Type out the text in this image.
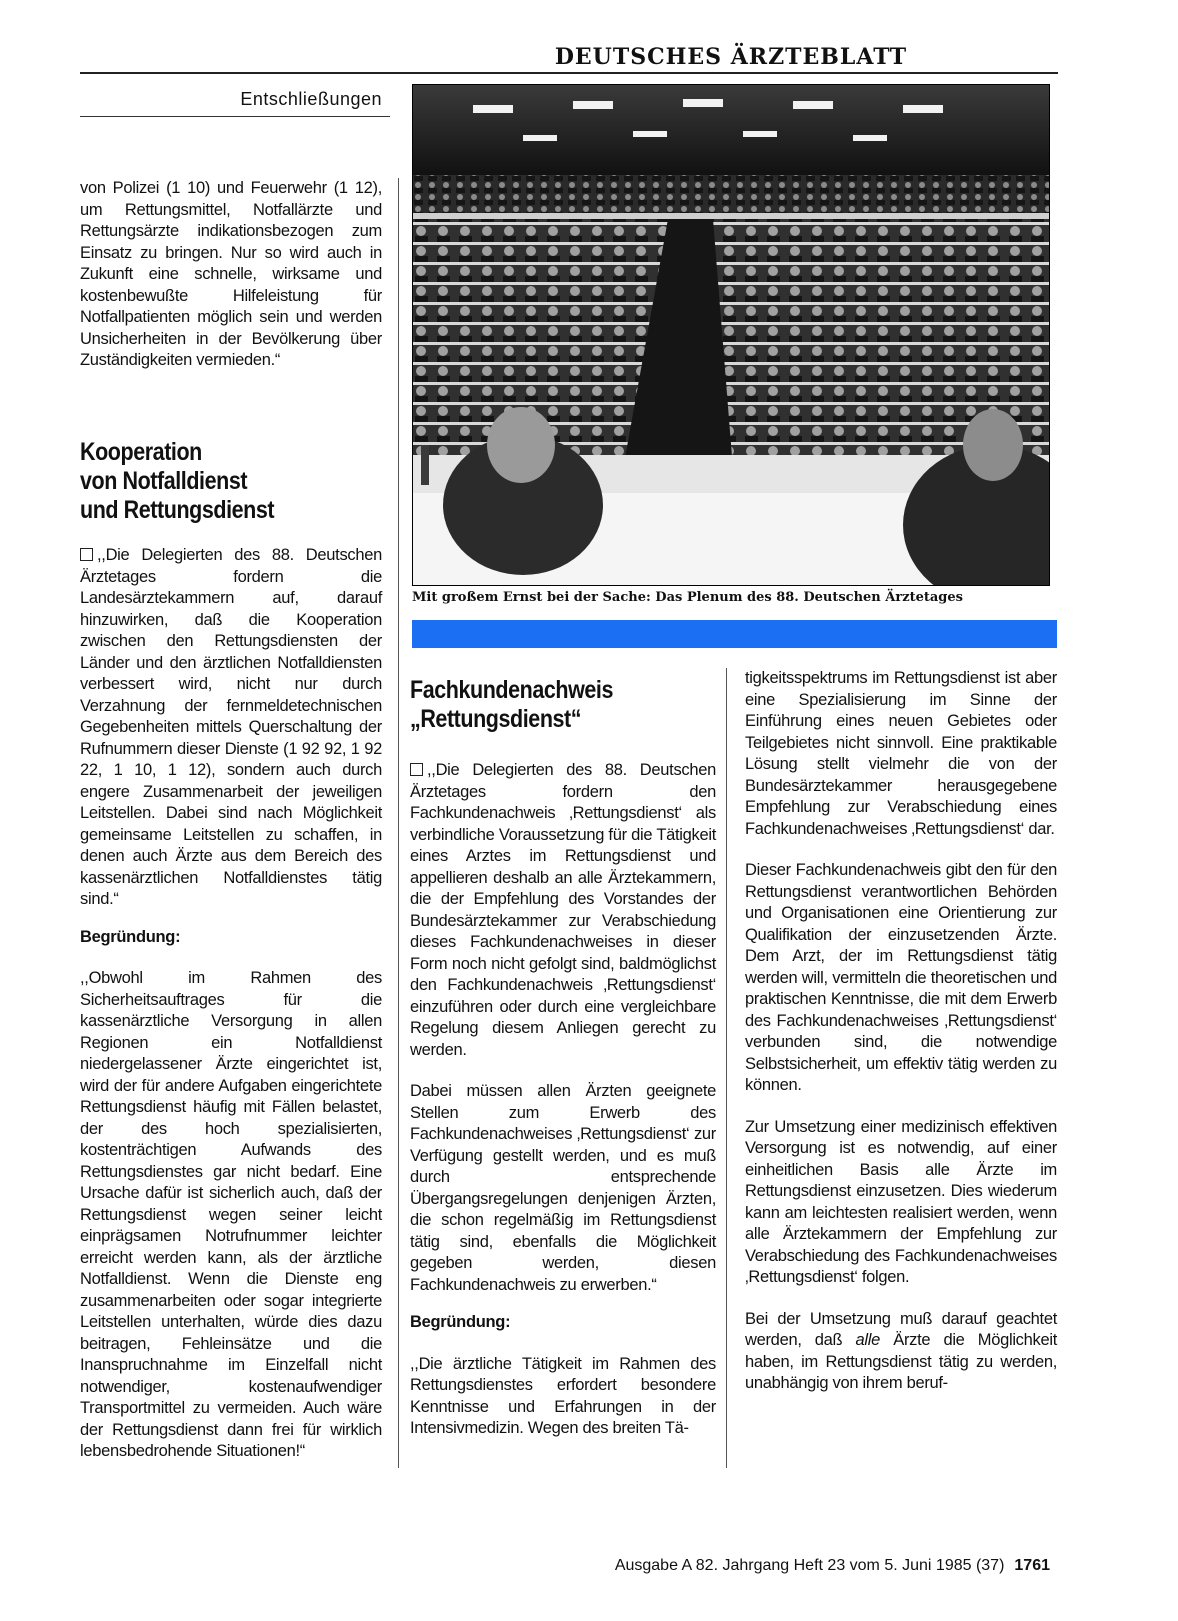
DEUTSCHES ÄRZTEBLATT
Entschließungen
Mit großem Ernst bei der Sache: Das Plenum des 88. Deutschen Ärztetages

von Polizei (1 10) und Feuerwehr (1 12), um Rettungsmittel, Notfallärzte und Rettungsärzte indikationsbezogen zum Einsatz zu bringen. Nur so wird auch in Zukunft eine schnelle, wirksame und kostenbewußte Hilfeleistung für Notfallpatienten möglich sein und werden Unsicherheiten in der Bevölkerung über Zuständigkeiten vermieden.“

Kooperation
von Notfalldienst
und Rettungsdienst

,,Die Delegierten des 88. Deutschen Ärztetages fordern die Landesärztekammern auf, darauf hinzuwirken, daß die Kooperation zwischen den Rettungsdiensten der Länder und den ärztlichen Notfalldiensten verbessert wird, nicht nur durch Verzahnung der fernmeldetechnischen Gegebenheiten mittels Querschaltung der Rufnummern dieser Dienste (1 92 92, 1 92 22, 1 10, 1 12), sondern auch durch engere Zusammenarbeit der jeweiligen Leitstellen. Dabei sind nach Möglichkeit gemeinsame Leitstellen zu schaffen, in denen auch Ärzte aus dem Bereich des kassenärztlichen Notfalldienstes tätig sind.“

Begründung:

,,Obwohl im Rahmen des Sicherheitsauftrages für die kassenärztliche Versorgung in allen Regionen ein Notfalldienst niedergelassener Ärzte eingerichtet ist, wird der für andere Aufgaben eingerichtete Rettungsdienst häufig mit Fällen belastet, der des hoch spezialisierten, kostenträchtigen Aufwands des Rettungsdienstes gar nicht bedarf. Eine Ursache dafür ist sicherlich auch, daß der Rettungsdienst wegen seiner leicht einprägsamen Notrufnummer leichter erreicht werden kann, als der ärztliche Notfalldienst. Wenn die Dienste eng zusammenarbeiten oder sogar integrierte Leitstellen unterhalten, würde dies dazu beitragen, Fehleinsätze und die Inanspruchnahme im Einzelfall nicht notwendiger, kostenaufwendiger Transportmittel zu vermeiden. Auch wäre der Rettungsdienst dann frei für wirklich lebensbedrohende Situationen!“

Fachkundenachweis
„Rettungsdienst“

,,Die Delegierten des 88. Deutschen Ärztetages fordern den Fachkundenachweis ‚Rettungsdienst‘ als verbindliche Voraussetzung für die Tätigkeit eines Arztes im Rettungsdienst und appellieren deshalb an alle Ärztekammern, die der Empfehlung des Vorstandes der Bundesärztekammer zur Verabschiedung dieses Fachkundenachweises in dieser Form noch nicht gefolgt sind, baldmöglichst den Fachkundenachweis ‚Rettungsdienst‘ einzuführen oder durch eine vergleichbare Regelung diesem Anliegen gerecht zu werden.

Dabei müssen allen Ärzten geeignete Stellen zum Erwerb des Fachkundenachweises ‚Rettungsdienst‘ zur Verfügung gestellt werden, und es muß durch entsprechende Übergangsregelungen denjenigen Ärzten, die schon regelmäßig im Rettungsdienst tätig sind, ebenfalls die Möglichkeit gegeben werden, diesen Fachkundenachweis zu erwerben.“

Begründung:

,,Die ärztliche Tätigkeit im Rahmen des Rettungsdienstes erfordert besondere Kenntnisse und Erfahrungen in der Intensivmedizin. Wegen des breiten Tä-

tigkeitsspektrums im Rettungsdienst ist aber eine Spezialisierung im Sinne der Einführung eines neuen Gebietes oder Teilgebietes nicht sinnvoll. Eine praktikable Lösung stellt vielmehr die von der Bundesärztekammer herausgegebene Empfehlung zur Verabschiedung eines Fachkundenachweises ‚Rettungsdienst‘ dar.

Dieser Fachkundenachweis gibt den für den Rettungsdienst verantwortlichen Behörden und Organisationen eine Orientierung zur Qualifikation der einzusetzenden Ärzte. Dem Arzt, der im Rettungsdienst tätig werden will, vermitteln die theoretischen und praktischen Kenntnisse, die mit dem Erwerb des Fachkundenachweises ‚Rettungsdienst‘ verbunden sind, die notwendige Selbstsicherheit, um effektiv tätig werden zu können.

Zur Umsetzung einer medizinisch effektiven Versorgung ist es notwendig, auf einer einheitlichen Basis alle Ärzte im Rettungsdienst einzusetzen. Dies wiederum kann am leichtesten realisiert werden, wenn alle Ärztekammern der Empfehlung zur Verabschiedung des Fachkundenachweises ‚Rettungsdienst‘ folgen.

Bei der Umsetzung muß darauf geachtet werden, daß alle Ärzte die Möglichkeit haben, im Rettungsdienst tätig zu werden, unabhängig von ihrem beruf-

Ausgabe A 82. Jahrgang Heft 23 vom 5. Juni 1985 (37) 1761
